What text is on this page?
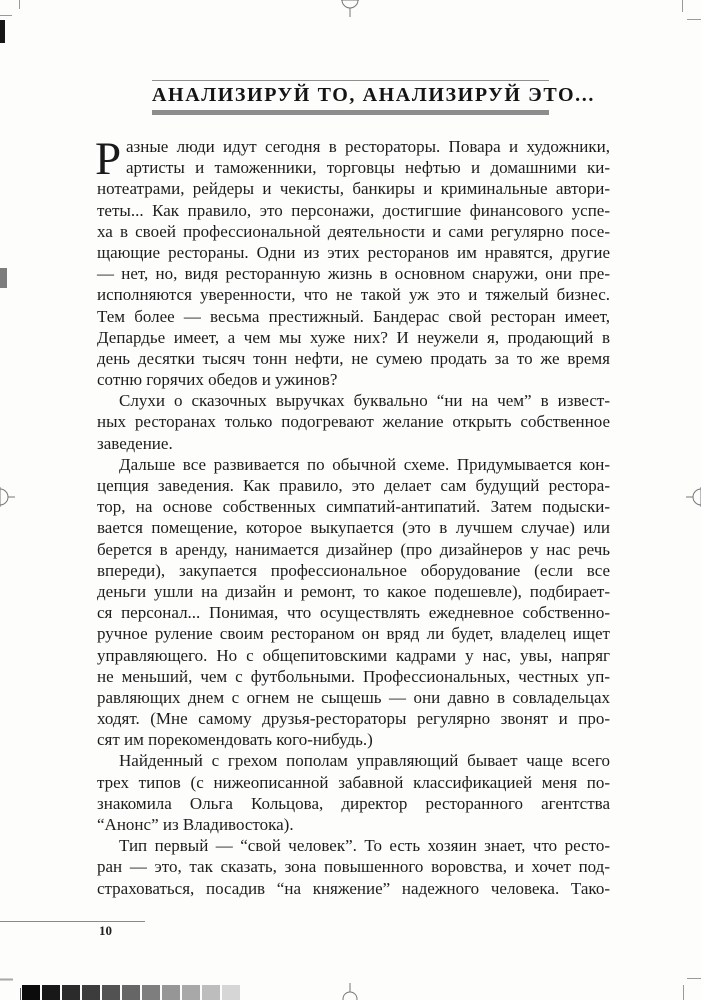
АНАЛИЗИРУЙ ТО, АНАЛИЗИРУЙ ЭТО...
Р азные люди идут сегодня в рестораторы. Повара и художники,
артисты и таможенники, торговцы нефтью и домашними ки-
нотеатрами, рейдеры и чекисты, банкиры и криминальные автори-
теты... Как правило, это персонажи, достигшие финансового успе-
ха в своей профессиональной деятельности и сами регулярно посе-
щающие рестораны. Одни из этих ресторанов им нравятся, другие
— нет, но, видя ресторанную жизнь в основном снаружи, они пре-
исполняются уверенности, что не такой уж это и тяжелый бизнес.
Тем более — весьма престижный. Бандерас свой ресторан имеет,
Депардье имеет, а чем мы хуже них? И неужели я, продающий в
день десятки тысяч тонн нефти, не сумею продать за то же время
сотню горячих обедов и ужинов?
Слухи о сказочных выручках буквально “ни на чем” в извест-
ных ресторанах только подогревают желание открыть собственное
заведение.
Дальше все развивается по обычной схеме. Придумывается кон-
цепция заведения. Как правило, это делает сам будущий рестора-
тор, на основе собственных симпатий-антипатий. Затем подыски-
вается помещение, которое выкупается (это в лучшем случае) или
берется в аренду, нанимается дизайнер (про дизайнеров у нас речь
впереди), закупается профессиональное оборудование (если все
деньги ушли на дизайн и ремонт, то какое подешевле), подбирает-
ся персонал... Понимая, что осуществлять ежедневное собственно-
ручное руление своим рестораном он вряд ли будет, владелец ищет
управляющего. Но с общепитовскими кадрами у нас, увы, напряг
не меньший, чем с футбольными. Профессиональных, честных уп-
равляющих днем с огнем не сыщешь — они давно в совладельцах
ходят. (Мне самому друзья-рестораторы регулярно звонят и про-
сят им порекомендовать кого-нибудь.)
Найденный с грехом пополам управляющий бывает чаще всего
трех типов (с нижеописанной забавной классификацией меня по-
знакомила Ольга Кольцова, директор ресторанного агентства
“Анонс” из Владивостока).
Тип первый — “свой человек”. То есть хозяин знает, что ресто-
ран — это, так сказать, зона повышенного воровства, и хочет под-
страховаться, посадив “на княжение” надежного человека. Тако-
10
